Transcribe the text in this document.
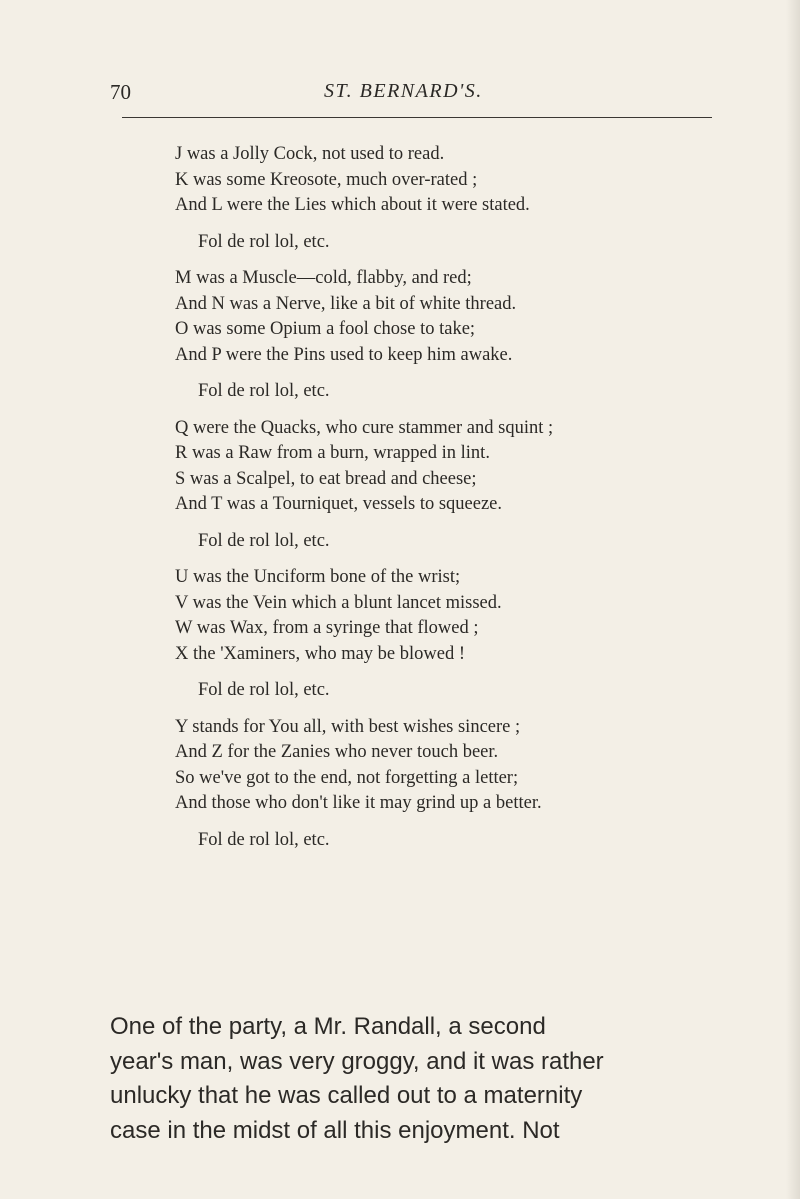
70	ST. BERNARD'S.
J was a Jolly Cock, not used to read.
K was some Kreosote, much over-rated ;
And L were the Lies which about it were stated.
Fol de rol lol, etc.
M was a Muscle—cold, flabby, and red;
And N was a Nerve, like a bit of white thread.
O was some Opium a fool chose to take;
And P were the Pins used to keep him awake.
Fol de rol lol, etc.
Q were the Quacks, who cure stammer and squint ;
R was a Raw from a burn, wrapped in lint.
S was a Scalpel, to eat bread and cheese;
And T was a Tourniquet, vessels to squeeze.
Fol de rol lol, etc.
U was the Unciform bone of the wrist;
V was the Vein which a blunt lancet missed.
W was Wax, from a syringe that flowed ;
X the 'Xaminers, who may be blowed !
Fol de rol lol, etc.
Y stands for You all, with best wishes sincere ;
And Z for the Zanies who never touch beer.
So we've got to the end, not forgetting a letter;
And those who don't like it may grind up a better.
Fol de rol lol, etc.
One of the party, a Mr. Randall, a second
year's man, was very groggy, and it was rather
unlucky that he was called out to a maternity
case in the midst of all this enjoyment. Not
